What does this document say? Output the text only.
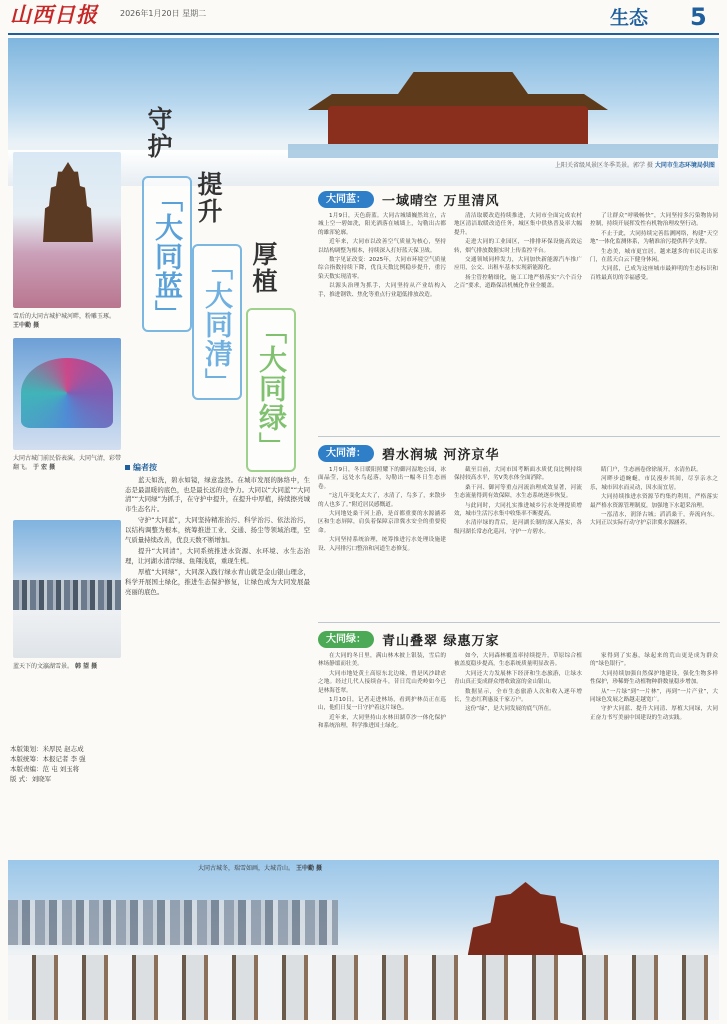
山西日报	2026年1月20日 星期二	生态 5
上阳关省级风景区冬季美景。郭学 摄 大同市生态环境局供图
守护
「大同蓝」 提升
「大同清」 厚植
「大同绿」
雪后的大同古城护城河畔，粉雕玉琢。 王中勤 摄
大同古城门前民俗表演。大同气清，彩带翻飞。 于 宏 摄
蓝天下的文瀛湖雪景。 韩 望 摄
编者按

蓝天如洗，碧水如镜，绿意盎然。在城市发展的脉络中，生态是最温暖的底色，也是最长远的竞争力。大同以“大同蓝”“大同清”“大同绿”为抓手，在守护中提升，在提升中厚植，持续擦亮城市生态名片。

守护“大同蓝”，大同坚持精准治污、科学治污、依法治污，以结构调整为根本，统筹推进工业、交通、扬尘等领域治理，空气质量持续改善，优良天数不断增加。

提升“大同清”，大同系统推进水资源、水环境、水生态治理，让河湖水清岸绿、鱼翔浅底，重现生机。

厚植“大同绿”，大同深入践行绿水青山就是金山银山理念，科学开展国土绿化，推进生态保护修复，让绿色成为大同发展最亮丽的底色。

本版策划：米厚民 赵志成
本版统筹：本报记者 李 强
本版责编：范 屯 刘玉将
版 式：刘晓军
大同蓝：	一域晴空 万里清风

1月9日，天色蔚蓝。大同古城墙巍然耸立，古城上空一碧如洗，阳光洒落在城墙上，勾勒出古都的雄浑轮廓。

近年来，大同市以改善空气质量为核心，坚持以结构调整为根本，持续深入打好蓝天保卫战。

数字见证改变：2025年，大同市环境空气质量综合指数持续下降，优良天数比例稳步提升，重污染天数实现清零。

以源头治理为抓手，大同坚持从产业结构入手，推进钢铁、焦化等重点行业超低排放改造。

清洁取暖改造持续推进，大同市全面完成农村地区清洁取暖改造任务，城区集中供热普及率大幅提升。

走进大同的工业园区，一排排环保设施高效运转，烟气排放数据实时上传监控平台。

交通领域同样发力，大同加快新能源汽车推广应用，公交、出租车基本实现新能源化。

扬尘管控精细化，施工工地严格落实“六个百分之百”要求，道路保洁机械化作业全覆盖。

了让群众“呼吸畅快”，大同坚持多污染物协同控制，持续开展挥发性有机物治理攻坚行动。

不止于此，大同持续完善监测网络，构建“天空地”一体化监测体系，为精准治污提供科学支撑。

生态美，城市更宜居。越来越多的市民走出家门，在蓝天白云下健身休闲。

大同蓝，已成为这座城市最鲜明的生态标识和百姓最真切的幸福感受。

大同清：	碧水润城 河济京华

1月9日，冬日暖阳照耀下的御河湿地公园，冰面晶莹，远处水鸟起落，勾勒出一幅冬日生态画卷。

“这几年变化太大了，水清了，鸟多了，来散步的人也多了。”附近居民感慨道。

大同地处桑干河上游，是首都重要的水源涵养区和生态屏障，肩负着保障京津冀水安全的重要使命。

大同坚持系统治理，统筹推进污水处理设施建设、入河排污口整治和河道生态修复。

截至目前，大同市国考断面水质优良比例持续保持较高水平，劣Ⅴ类水体全面消除。

桑干河、御河等重点河流治理成效显著，河流生态流量得到有效保障，水生态系统逐步恢复。

与此同时，大同扎实推进城乡污水处理提质增效，城市生活污水集中收集率不断提高。

水清岸绿的背后，是河湖长制的深入落实，各级河湖长常态化巡河，守护一方碧水。

睛门户，生态画卷徐徐展开，水清鱼跃。

河畔步道蜿蜒，市民漫步其间，尽享亲水之乐，城市因水而灵动，因水而宜居。

大同持续推进水资源节约集约利用，严格落实最严格水资源管理制度，加强地下水超采治理。

一泓清水，润泽古城；滔滔桑干，奔流向东。大同正以实际行动守护京津冀水源涵养。

大同绿：	青山叠翠 绿惠万家

在大同的冬日里，满山林木披上银装，雪后的林场静谧而壮美。

大同市地处黄土高原东北边缘，曾是风沙肆虐之地。经过几代人接续奋斗，昔日荒山秃岭如今已是林海苍翠。

1月10日，记者走进林场，看到护林员正在巡山，他们日复一日守护着这片绿色。

近年来，大同坚持山水林田湖草沙一体化保护和系统治理，科学推进国土绿化。

如今，大同森林覆盖率持续提升，草原综合植被盖度稳步提高，生态系统质量明显改善。

大同还大力发展林下经济和生态旅游，让绿水青山真正变成群众增收致富的金山银山。

数据显示，全市生态旅游人次和收入逐年增长，生态红利惠及千家万户。

这份“绿”，是大同发展的底气所在。

家得到了实惠，绿起来的荒山更是成为群众的“绿色银行”。

大同持续加强自然保护地建设，强化生物多样性保护，珍稀野生动植物种群数量稳步增加。

从“一片绿”到“一片林”，再到“一片产业”，大同绿色发展之路越走越宽广。

守护大同蓝、提升大同清、厚植大同绿，大同正奋力书写美丽中国建设的生动实践。

大同古城冬，瑞雪如画，大城青山。 王中勤 摄
